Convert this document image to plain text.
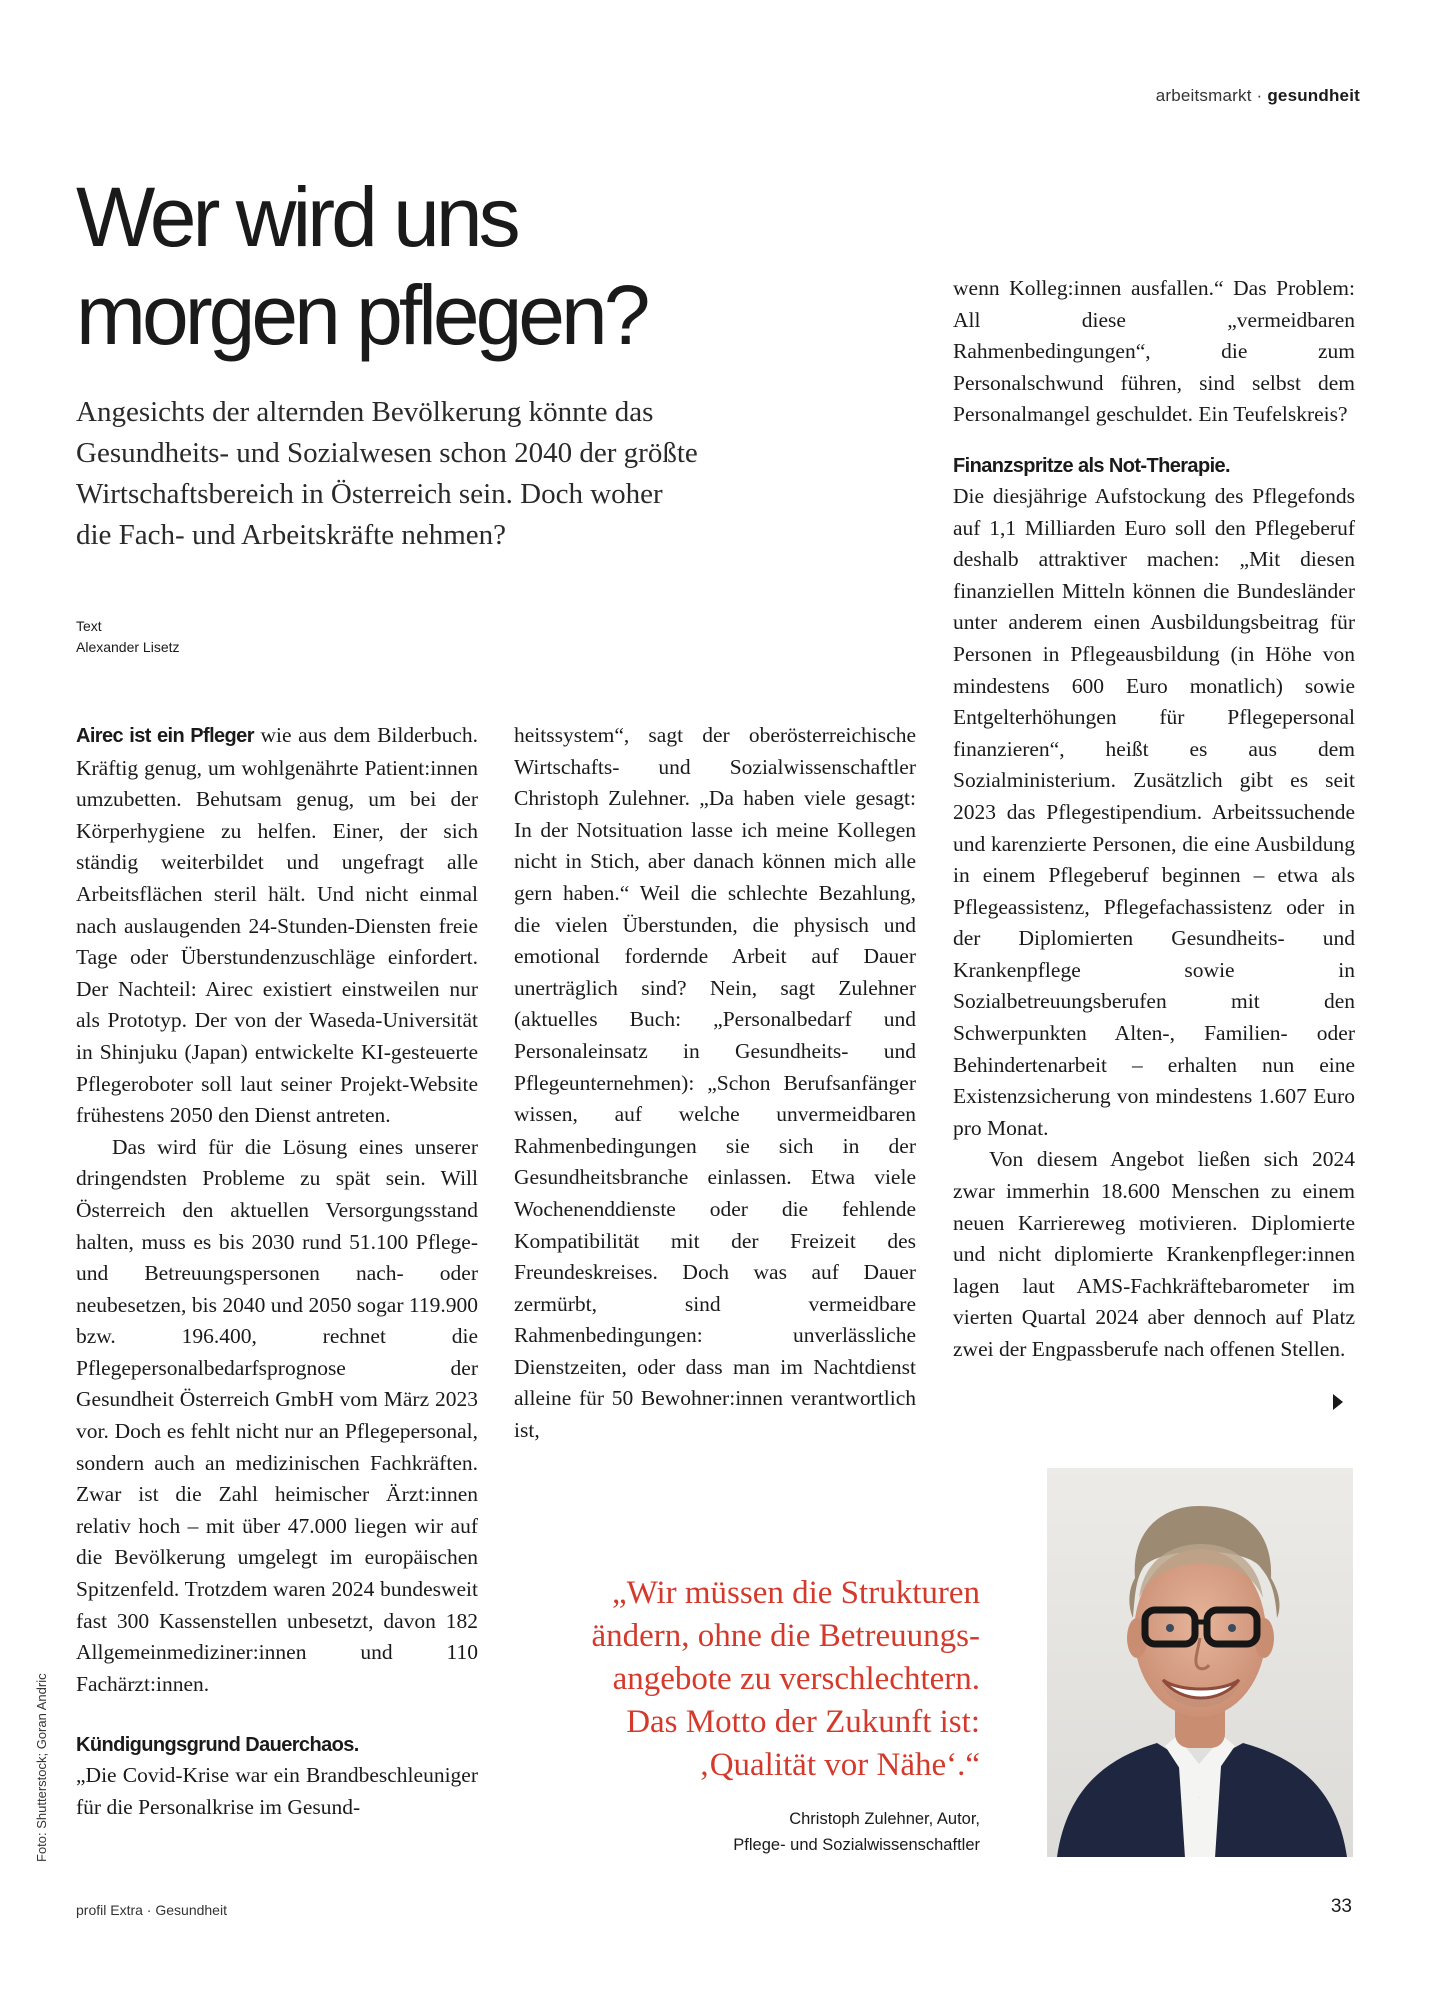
arbeitsmarkt · gesundheit
Wer wird uns
morgen pflegen?
Angesichts der alternden Bevölkerung könnte das
Gesundheits- und Sozialwesen schon 2040 der größte
Wirtschaftsbereich in Österreich sein. Doch woher
die Fach- und Arbeitskräfte nehmen?
Text
Alexander Lisetz

Airec ist ein Pfleger wie aus dem Bilderbuch. Kräftig genug, um wohlgenährte Patient:innen umzubetten. Behutsam genug, um bei der Körperhygiene zu helfen. Einer, der sich ständig weiterbildet und ungefragt alle Arbeitsflächen steril hält. Und nicht einmal nach auslaugenden 24-Stunden-Diensten freie Tage oder Überstundenzuschläge einfordert. Der Nachteil: Airec existiert einstweilen nur als Prototyp. Der von der Waseda-Universität in Shinjuku (Japan) entwickelte KI-gesteuerte Pflegeroboter soll laut seiner Projekt-Website frühestens 2050 den Dienst antreten.

Das wird für die Lösung eines unserer dringendsten Probleme zu spät sein. Will Österreich den aktuellen Versorgungsstand halten, muss es bis 2030 rund 51.100 Pflege- und Betreuungspersonen nach- oder neubesetzen, bis 2040 und 2050 sogar 119.900 bzw. 196.400, rechnet die Pflegepersonalbedarfsprognose der Gesundheit Österreich GmbH vom März 2023 vor. Doch es fehlt nicht nur an Pflegepersonal, sondern auch an medizinischen Fachkräften. Zwar ist die Zahl heimischer Ärzt:innen relativ hoch – mit über 47.000 liegen wir auf die Bevölkerung umgelegt im europäischen Spitzenfeld. Trotzdem waren 2024 bundesweit fast 300 Kassenstellen unbesetzt, davon 182 Allgemeinmediziner:innen und 110 Fachärzt:innen.

Kündigungsgrund Dauerchaos.

„Die Covid-Krise war ein Brandbeschleuniger für die Personalkrise im Gesund-

heitssystem“, sagt der oberösterreichische Wirtschafts- und Sozialwissenschaftler Christoph Zulehner. „Da haben viele gesagt: In der Notsituation lasse ich meine Kollegen nicht in Stich, aber danach können mich alle gern haben.“ Weil die schlechte Bezahlung, die vielen Überstunden, die physisch und emotional fordernde Arbeit auf Dauer unerträglich sind? Nein, sagt Zulehner (aktuelles Buch: „Personalbedarf und Personaleinsatz in Gesundheits- und Pflegeunternehmen): „Schon Berufsanfänger wissen, auf welche unvermeidbaren Rahmenbedingungen sie sich in der Gesundheitsbranche einlassen. Etwa viele Wochenenddienste oder die fehlende Kompatibilität mit der Freizeit des Freundeskreises. Doch was auf Dauer zermürbt, sind vermeidbare Rahmenbedingungen: unverlässliche Dienstzeiten, oder dass man im Nachtdienst alleine für 50 Bewohner:innen verantwortlich ist,

wenn Kolleg:innen ausfallen.“ Das Problem: All diese „vermeidbaren Rahmenbedingungen“, die zum Personalschwund führen, sind selbst dem Personalmangel geschuldet. Ein Teufelskreis?

Finanzspritze als Not-Therapie.

Die diesjährige Aufstockung des Pflegefonds auf 1,1 Milliarden Euro soll den Pflegeberuf deshalb attraktiver machen: „Mit diesen finanziellen Mitteln können die Bundesländer unter anderem einen Ausbildungsbeitrag für Personen in Pflegeausbildung (in Höhe von mindestens 600 Euro monatlich) sowie Entgelterhöhungen für Pflegepersonal finanzieren“, heißt es aus dem Sozialministerium. Zusätzlich gibt es seit 2023 das Pflegestipendium. Arbeitssuchende und karenzierte Personen, die eine Ausbildung in einem Pflegeberuf beginnen – etwa als Pflegeassistenz, Pflegefachassistenz oder in der Diplomierten Gesundheits- und Krankenpflege sowie in Sozialbetreuungsberufen mit den Schwerpunkten Alten-, Familien- oder Behindertenarbeit – erhalten nun eine Existenzsicherung von mindestens 1.607 Euro pro Monat.

Von diesem Angebot ließen sich 2024 zwar immerhin 18.600 Menschen zu einem neuen Karriereweg motivieren. Diplomierte und nicht diplomierte Krankenpfleger:innen lagen laut AMS-Fachkräftebarometer im vierten Quartal 2024 aber dennoch auf Platz zwei der Engpassberufe nach offenen Stellen.

„Wir müssen die Strukturen
ändern, ohne die Betreuungs-
angebote zu verschlechtern.
Das Motto der Zukunft ist:
‚Qualität vor Nähe‘.“
Christoph Zulehner, Autor,
Pflege- und Sozialwissenschaftler
Foto: Shutterstock; Goran Andric
profil Extra · Gesundheit	33
